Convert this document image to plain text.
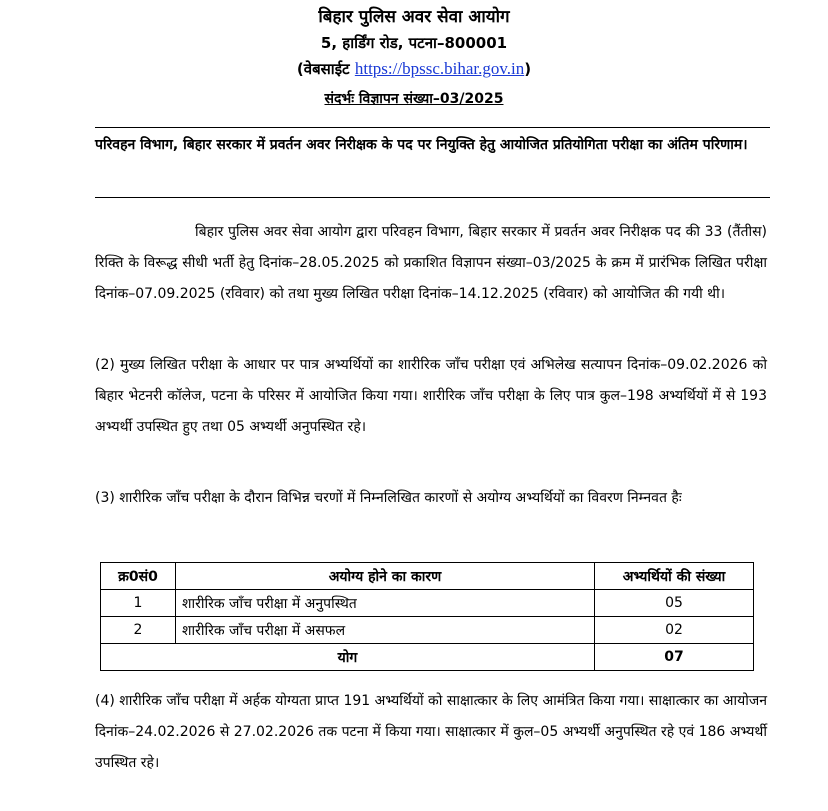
बिहार पुलिस अवर सेवा आयोग
5, हार्डिंग रोड, पटना–800001
(वेबसाईट https://bpssc.bihar.gov.in)
संदर्भः विज्ञापन संख्या–03/2025
परिवहन विभाग, बिहार सरकार में प्रवर्तन अवर निरीक्षक के पद पर नियुक्ति हेतु आयोजित प्रतियोगिता परीक्षा का अंतिम परिणाम।
बिहार पुलिस अवर सेवा आयोग द्वारा परिवहन विभाग, बिहार सरकार में प्रवर्तन अवर निरीक्षक पद की 33 (तैंतीस) रिक्ति के विरूद्ध सीधी भर्ती हेतु दिनांक–28.05.2025 को प्रकाशित विज्ञापन संख्या–03/2025 के क्रम में प्रारंभिक लिखित परीक्षा दिनांक–07.09.2025 (रविवार) को तथा मुख्य लिखित परीक्षा दिनांक–14.12.2025 (रविवार) को आयोजित की गयी थी।
(2) मुख्य लिखित परीक्षा के आधार पर पात्र अभ्यर्थियों का शारीरिक जाँच परीक्षा एवं अभिलेख सत्यापन दिनांक–09.02.2026 को बिहार भेटनरी कॉलेज, पटना के परिसर में आयोजित किया गया। शारीरिक जाँच परीक्षा के लिए पात्र कुल–198 अभ्यर्थियों में से 193 अभ्यर्थी उपस्थित हुए तथा 05 अभ्यर्थी अनुपस्थित रहे।
(3) शारीरिक जाँच परीक्षा के दौरान विभिन्न चरणों में निम्नलिखित कारणों से अयोग्य अभ्यर्थियों का विवरण निम्नवत हैः
क्र0सं0	अयोग्य होने का कारण	अभ्यर्थियों की संख्या
1	शारीरिक जाँच परीक्षा में अनुपस्थित	05
2	शारीरिक जाँच परीक्षा में असफल	02
योग		07
(4) शारीरिक जाँच परीक्षा में अर्हक योग्यता प्राप्त 191 अभ्यर्थियों को साक्षात्कार के लिए आमंत्रित किया गया। साक्षात्कार का आयोजन दिनांक–24.02.2026 से 27.02.2026 तक पटना में किया गया। साक्षात्कार में कुल–05 अभ्यर्थी अनुपस्थित रहे एवं 186 अभ्यर्थी उपस्थित रहे।
